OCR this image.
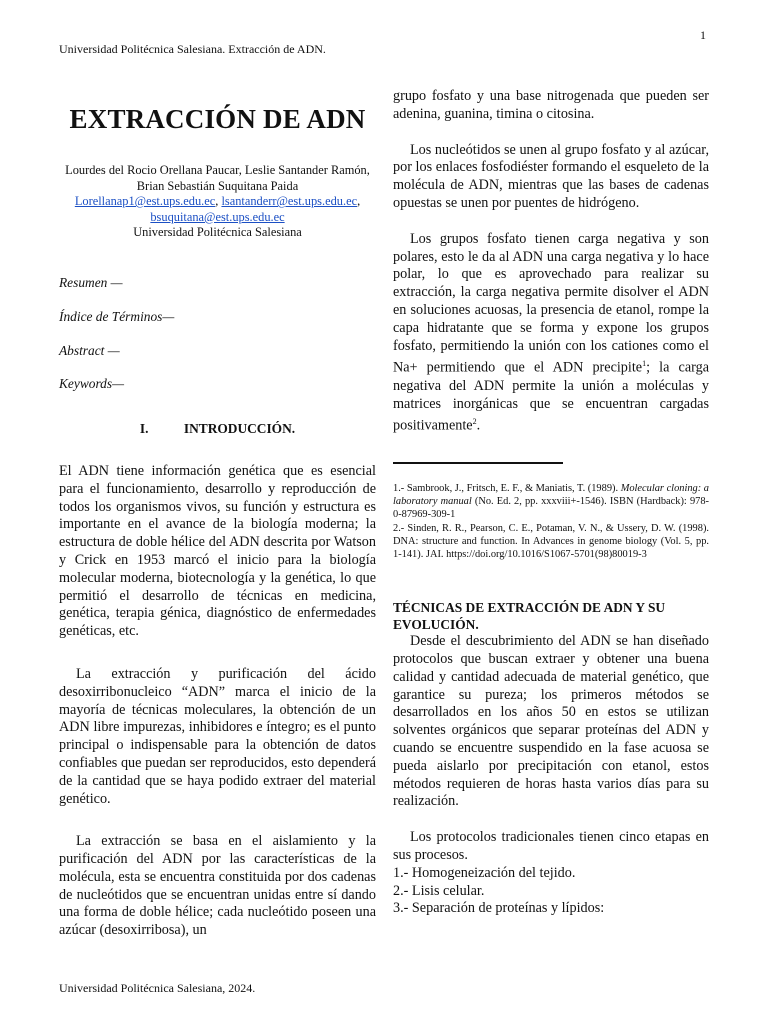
Universidad Politécnica Salesiana. Extracción de ADN.
1
EXTRACCIÓN DE ADN
Lourdes del Rocio Orellana Paucar, Leslie Santander Ramón,
Brian Sebastián Suquitana Paida
Lorellanap1@est.ups.edu.ec, lsantanderr@est.ups.edu.ec,
bsuquitana@est.ups.edu.ec
Universidad Politécnica Salesiana

Resumen —

Índice de Términos—

Abstract —

Keywords—

I.	INTRODUCCIÓN.

El ADN tiene información genética que es esencial para el funcionamiento, desarrollo y reproducción de todos los organismos vivos, su función y estructura es importante en el avance de la biología moderna; la estructura de doble hélice del ADN descrita por Watson y Crick en 1953 marcó el inicio para la biología molecular moderna, biotecnología y la genética, lo que permitió el desarrollo de técnicas en medicina, genética, terapia génica, diagnóstico de enfermedades genéticas, etc.

La extracción y purificación del ácido desoxirribonucleico “ADN” marca el inicio de la mayoría de técnicas moleculares, la obtención de un ADN libre impurezas, inhibidores e íntegro; es el punto principal o indispensable para la obtención de datos confiables que puedan ser reproducidos, esto dependerá de la cantidad que se haya podido extraer del material genético.

La extracción se basa en el aislamiento y la purificación del ADN por las características de la molécula, esta se encuentra constituida por dos cadenas de nucleótidos que se encuentran unidas entre sí dando una forma de doble hélice; cada nucleótido poseen una azúcar (desoxirribosa), un

grupo fosfato y una base nitrogenada que pueden ser adenina, guanina, timina o citosina.

Los nucleótidos se unen al grupo fosfato y al azúcar, por los enlaces fosfodiéster formando el esqueleto de la molécula de ADN, mientras que las bases de cadenas opuestas se unen por puentes de hidrógeno.

Los grupos fosfato tienen carga negativa y son polares, esto le da al ADN una carga negativa y lo hace polar, lo que es aprovechado para realizar su extracción, la carga negativa permite disolver el ADN en soluciones acuosas, la presencia de etanol, rompe la capa hidratante que se forma y expone los grupos fosfato, permitiendo la unión con los cationes como el Na+ permitiendo que el ADN precipite$^1$; la carga negativa del ADN permite la unión a moléculas y matrices inorgánicas que se encuentran cargadas positivamente$^2$.

1.- Sambrook, J., Fritsch, E. F., & Maniatis, T. (1989). Molecular cloning: a laboratory manual (No. Ed. 2, pp. xxxviii+-1546). ISBN (Hardback): 978-0-87969-309-1

2.- Sinden, R. R., Pearson, C. E., Potaman, V. N., & Ussery, D. W. (1998). DNA: structure and function. In Advances in genome biology (Vol. 5, pp. 1-141). JAI. https://doi.org/10.1016/S1067-5701(98)80019-3

TÉCNICAS DE EXTRACCIÓN DE ADN Y SU EVOLUCIÓN.

Desde el descubrimiento del ADN se han diseñado protocolos que buscan extraer y obtener una buena calidad y cantidad adecuada de material genético, que garantice su pureza; los primeros métodos se desarrollados en los años 50 en estos se utilizan solventes orgánicos que separar proteínas del ADN y cuando se encuentre suspendido en la fase acuosa se pueda aislarlo por precipitación con etanol, estos métodos requieren de horas hasta varios días para su realización.

Los protocolos tradicionales tienen cinco etapas en sus procesos.

1.- Homogeneización del tejido.

2.- Lisis celular.

3.- Separación de proteínas y lípidos:

Universidad Politécnica Salesiana, 2024.
